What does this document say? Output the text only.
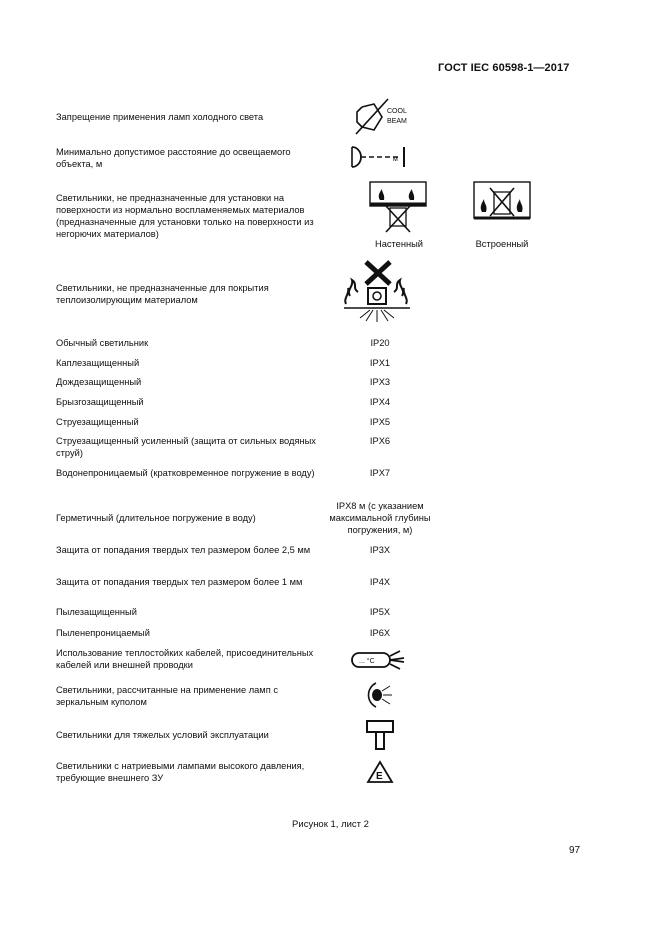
ГОСТ IEC 60598-1—2017
Запрещение применения ламп холодного света
Минимально допустимое расстояние до освещаемого объекта, м
Светильники, не предназначенные для установки на поверхности из нормально воспламеняемых материалов (предназначенные для установки только на поверхности из негорючих материалов)
Светильники, не предназначенные для покрытия теплоизолирующим материалом
Обычный светильник
Каплезащищенный
Дождезащищенный
Брызгозащищенный
Струезащищенный
Струезащищенный усиленный (защита от сильных водяных струй)
Водонепроницаемый (кратковременное погружение в воду)
Герметичный (длительное погружение в воду)
Защита от попадания твердых тел размером более 2,5 мм
Защита от попадания твердых тел размером более 1 мм
Пылезащищенный
Пыленепроницаемый
Использование теплостойких кабелей, присоединительных кабелей или внешней проводки
Светильники, рассчитанные на применение ламп с зеркальным куполом
Светильники для тяжелых условий эксплуатации
Светильники с натриевыми лампами высокого давления, требующие внешнего ЗУ
IP20
IPX1
IPX3
IPX4
IPX5
IPX6
IPX7
IPX8 м (с указанием максимальной глубины погружения, м)
IP3X
IP4X
IP5X
IP6X
COOL
BEAM
м
Настенный	Встроенный
... °C
E
Рисунок 1, лист 2
97
